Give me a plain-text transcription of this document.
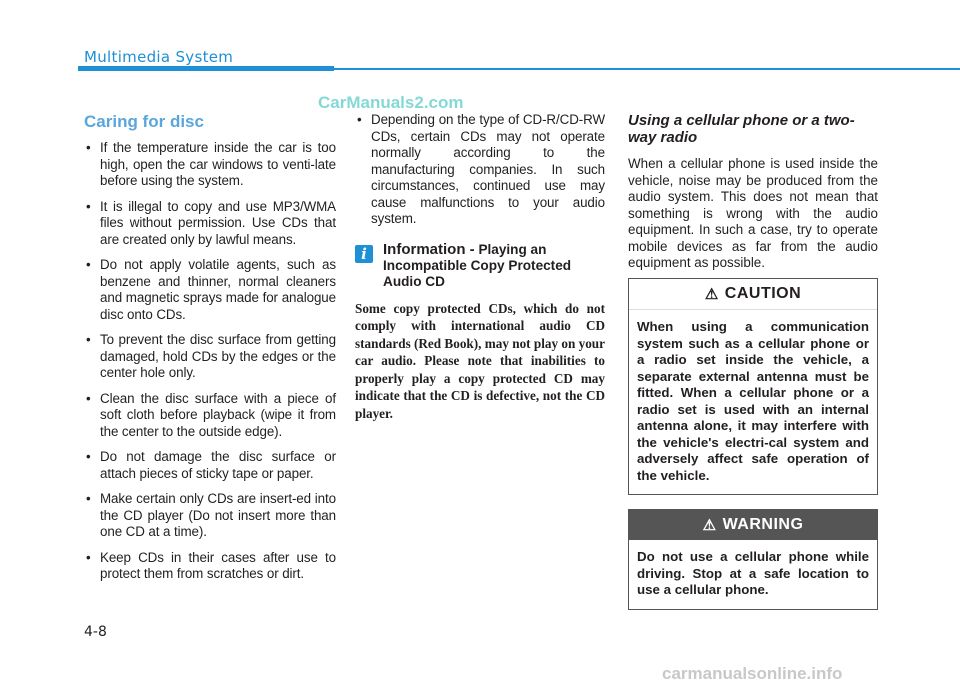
Multimedia System
CarManuals2.com
Caring for disc
• If the temperature inside the car is too high, open the car windows to venti-late before using the system.
• It is illegal to copy and use MP3/WMA files without permission. Use CDs that are created only by lawful means.
• Do not apply volatile agents, such as benzene and thinner, normal cleaners and magnetic sprays made for analogue disc onto CDs.
• To prevent the disc surface from getting damaged, hold CDs by the edges or the center hole only.
• Clean the disc surface with a piece of soft cloth before playback (wipe it from the center to the outside edge).
• Do not damage the disc surface or attach pieces of sticky tape or paper.
• Make certain only CDs are insert-ed into the CD player (Do not insert more than one CD at a time).
• Keep CDs in their cases after use to protect them from scratches or dirt.
• Depending on the type of CD-R/CD-RW CDs, certain CDs may not operate normally according to the manufacturing companies. In such circumstances, continued use may cause malfunctions to your audio system.
i	Information - Playing an Incompatible Copy Protected Audio CD

Some copy protected CDs, which do not comply with international audio CD standards (Red Book), may not play on your car audio. Please note that inabilities to properly play a copy protected CD may indicate that the CD is defective, not the CD player.

Using a cellular phone or a two-way radio

When a cellular phone is used inside the vehicle, noise may be produced from the audio system. This does not mean that something is wrong with the audio equipment. In such a case, try to operate mobile devices as far from the audio equipment as possible.

⚠ CAUTION
When using a communication system such as a cellular phone or a radio set inside the vehicle, a separate external antenna must be fitted. When a cellular phone or a radio set is used with an internal antenna alone, it may interfere with the vehicle's electri-cal system and adversely affect safe operation of the vehicle.
⚠ WARNING
Do not use a cellular phone while driving. Stop at a safe location to use a cellular phone.
4-8
carmanualsonline.info
